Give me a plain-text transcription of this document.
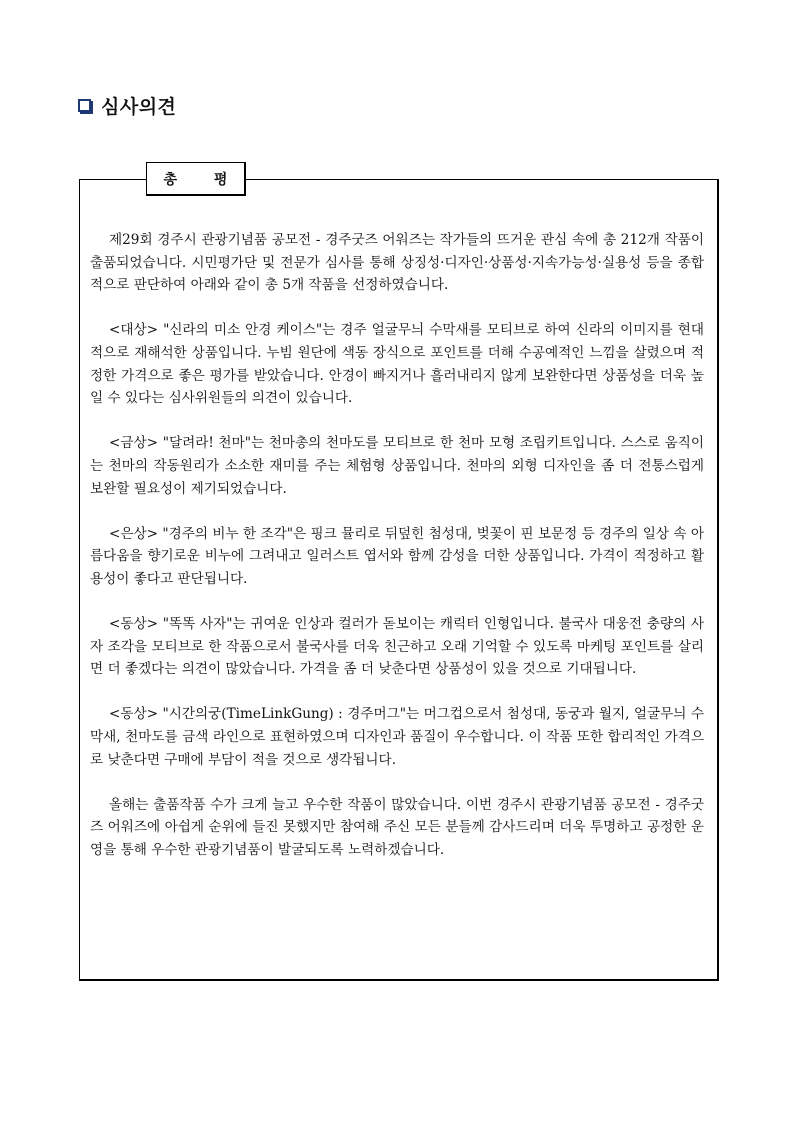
심사의견
총 평

제29회 경주시 관광기념품 공모전 - 경주굿즈 어워즈는 작가들의 뜨거운 관심 속에 총 212개 작품이 출품되었습니다. 시민평가단 및 전문가 심사를 통해 상징성·디자인·상품성·지속가능성·실용성 등을 종합적으로 판단하여 아래와 같이 총 5개 작품을 선정하였습니다.

<대상> "신라의 미소 안경 케이스"는 경주 얼굴무늬 수막새를 모티브로 하여 신라의 이미지를 현대적으로 재해석한 상품입니다. 누빔 원단에 색동 장식으로 포인트를 더해 수공예적인 느낌을 살렸으며 적정한 가격으로 좋은 평가를 받았습니다. 안경이 빠지거나 흘러내리지 않게 보완한다면 상품성을 더욱 높일 수 있다는 심사위원들의 의견이 있습니다.

<금상> "달려라! 천마"는 천마총의 천마도를 모티브로 한 천마 모형 조립키트입니다. 스스로 움직이는 천마의 작동원리가 소소한 재미를 주는 체험형 상품입니다. 천마의 외형 디자인을 좀 더 전통스럽게 보완할 필요성이 제기되었습니다.

<은상> "경주의 비누 한 조각"은 핑크 뮬리로 뒤덮힌 첨성대, 벚꽃이 핀 보문정 등 경주의 일상 속 아름다움을 향기로운 비누에 그려내고 일러스트 엽서와 함께 감성을 더한 상품입니다. 가격이 적정하고 활용성이 좋다고 판단됩니다.

<동상> "똑똑 사자"는 귀여운 인상과 컬러가 돋보이는 캐릭터 인형입니다. 불국사 대웅전 충량의 사자 조각을 모티브로 한 작품으로서 불국사를 더욱 친근하고 오래 기억할 수 있도록 마케팅 포인트를 살리면 더 좋겠다는 의견이 많았습니다. 가격을 좀 더 낮춘다면 상품성이 있을 것으로 기대됩니다.

<동상> "시간의궁(TimeLinkGung) : 경주머그"는 머그컵으로서 첨성대, 동궁과 월지, 얼굴무늬 수막새, 천마도를 금색 라인으로 표현하였으며 디자인과 품질이 우수합니다. 이 작품 또한 합리적인 가격으로 낮춘다면 구매에 부담이 적을 것으로 생각됩니다.

올해는 출품작품 수가 크게 늘고 우수한 작품이 많았습니다. 이번 경주시 관광기념품 공모전 - 경주굿즈 어워즈에 아쉽게 순위에 들진 못했지만 참여해 주신 모든 분들께 감사드리며 더욱 투명하고 공정한 운영을 통해 우수한 관광기념품이 발굴되도록 노력하겠습니다.
